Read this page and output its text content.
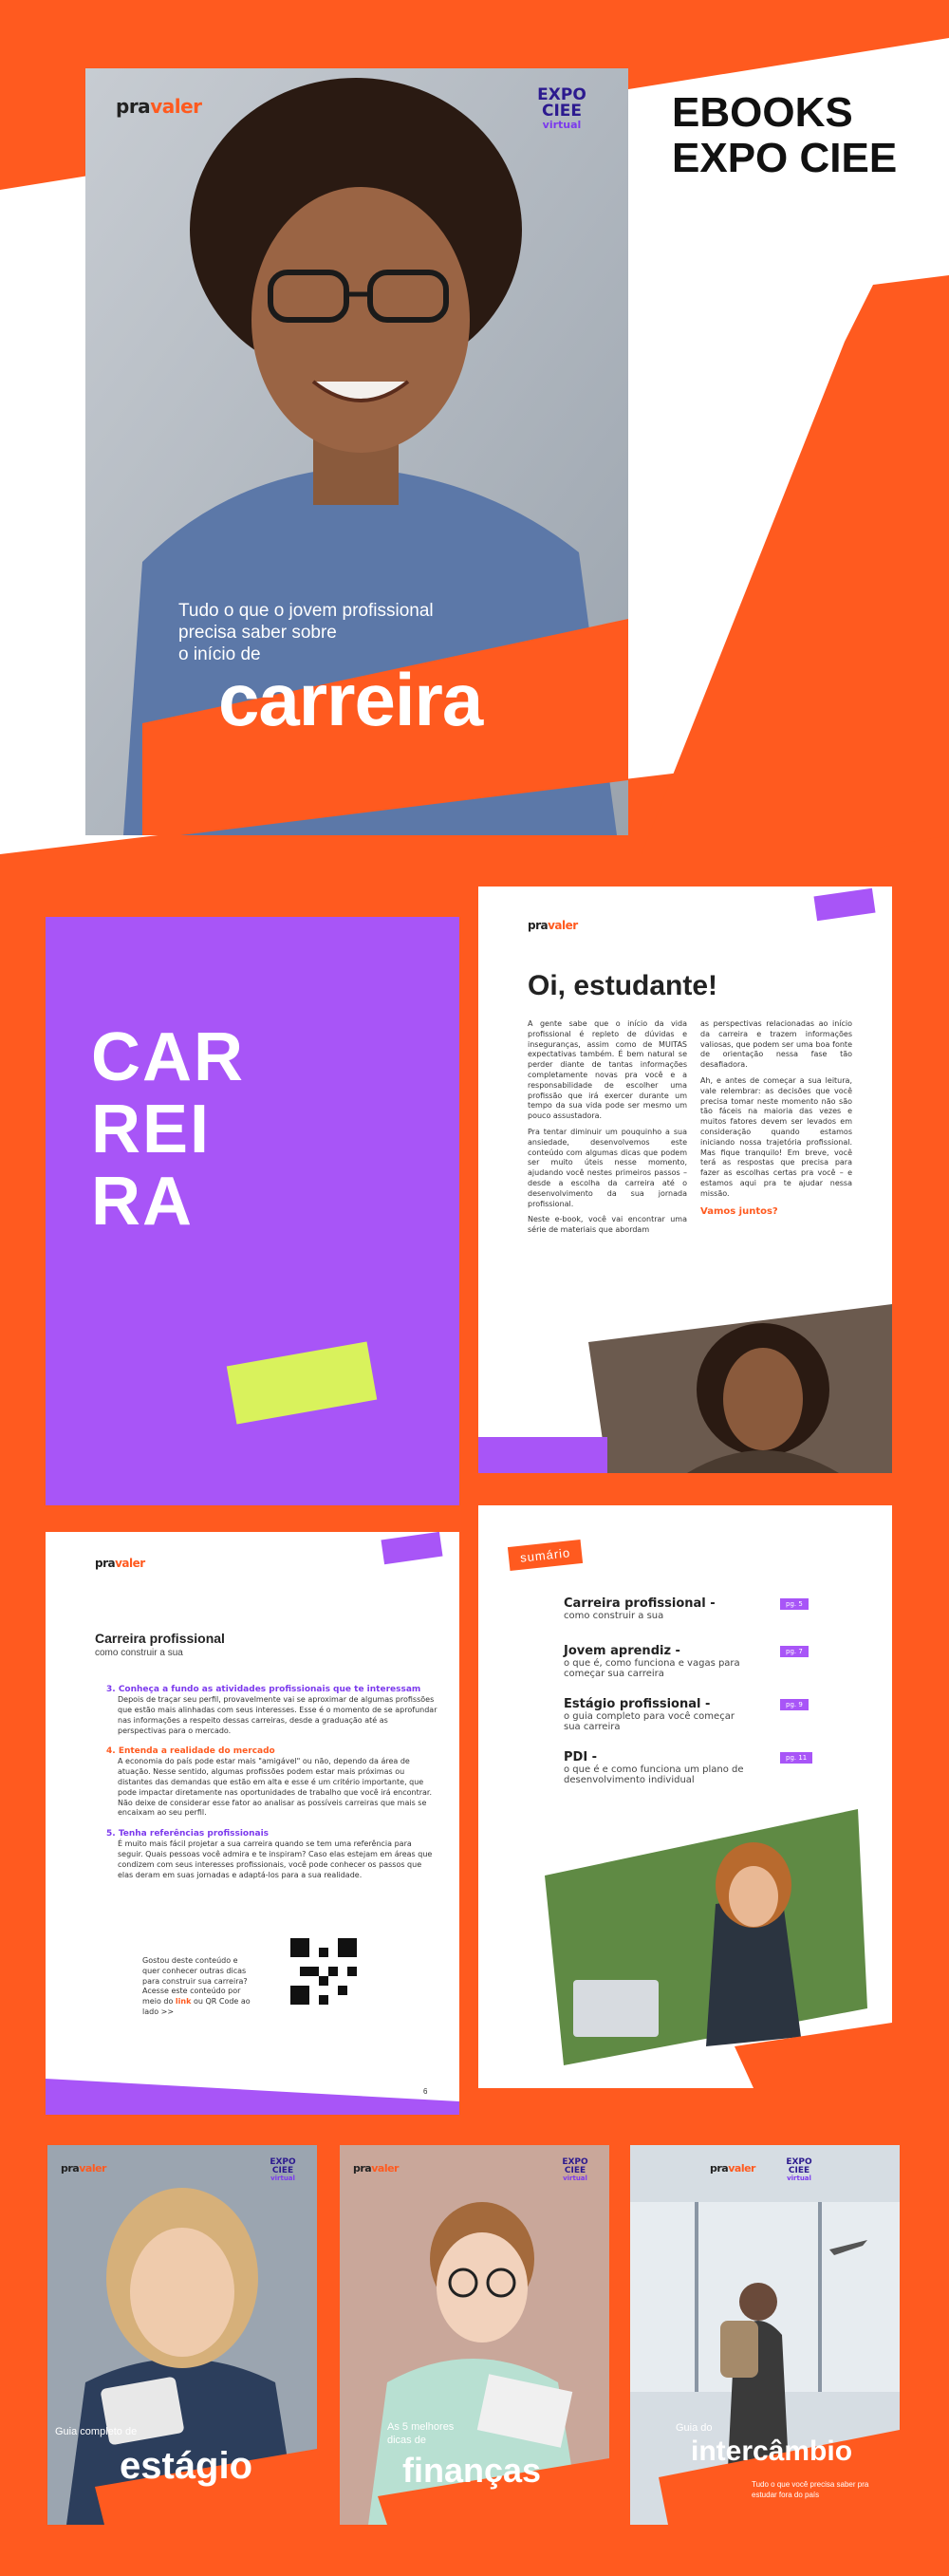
EBOOKS
EXPO CIEE
pravaler	EXPO
CIEE
virtual
Tudo o que o jovem profissional
precisa saber sobre
o início de
carreira
CAR
REI
RA
pravaler
Oi, estudante!

A gente sabe que o início da vida profissional é repleto de dúvidas e inseguranças, assim como de MUITAS expectativas também. É bem natural se perder diante de tantas informações completamente novas pra você e a responsabilidade de escolher uma profissão que irá exercer durante um tempo da sua vida pode ser mesmo um pouco assustadora.

Pra tentar diminuir um pouquinho a sua ansiedade, desenvolvemos este conteúdo com algumas dicas que podem ser muito úteis nesse momento, ajudando você nestes primeiros passos – desde a escolha da carreira até o desenvolvimento da sua jornada profissional.

Neste e-book, você vai encontrar uma série de materiais que abordam

as perspectivas relacionadas ao início da carreira e trazem informações valiosas, que podem ser uma boa fonte de orientação nessa fase tão desafiadora.

Ah, e antes de começar a sua leitura, vale relembrar: as decisões que você precisa tomar neste momento não são tão fáceis na maioria das vezes e muitos fatores devem ser levados em consideração quando estamos iniciando nossa trajetória profissional. Mas fique tranquilo! Em breve, você terá as respostas que precisa para fazer as escolhas certas pra você – e estamos aqui pra te ajudar nessa missão.

Vamos juntos?

pravaler
Carreira profissional
como construir a sua
3. Conheça a fundo as atividades profissionais que te interessam
Depois de traçar seu perfil, provavelmente vai se aproximar de algumas profissões que estão mais alinhadas com seus interesses. Esse é o momento de se aprofundar nas informações a respeito dessas carreiras, desde a graduação até as perspectivas para o mercado.
4. Entenda a realidade do mercado
A economia do país pode estar mais "amigável" ou não, dependo da área de atuação. Nesse sentido, algumas profissões podem estar mais próximas ou distantes das demandas que estão em alta e esse é um critério importante, que pode impactar diretamente nas oportunidades de trabalho que você irá encontrar. Não deixe de considerar esse fator ao analisar as possíveis carreiras que mais se encaixam ao seu perfil.
5. Tenha referências profissionais
É muito mais fácil projetar a sua carreira quando se tem uma referência para seguir. Quais pessoas você admira e te inspiram? Caso elas estejam em áreas que condizem com seus interesses profissionais, você pode conhecer os passos que elas deram em suas jornadas e adaptá-los para a sua realidade.
Gostou deste conteúdo e quer conhecer outras dicas para construir sua carreira? Acesse este conteúdo por meio do link ou QR Code ao lado >>
6
sumário
Carreira profissional -
como construir a sua
pg. 5
Jovem aprendiz -
o que é, como funciona e vagas para começar sua carreira
pg. 7
Estágio profissional -
o guia completo para você começar sua carreira
pg. 9
PDI -
o que é e como funciona um plano de desenvolvimento individual
pg. 11
pravaler	EXPO
CIEE
virtual
Guia completo de
estágio
pravaler	EXPO
CIEE
virtual
As 5 melhores
dicas de
finanças
pravaler	EXPO
CIEE
virtual
Guia do
intercâmbio
Tudo o que você precisa saber pra estudar fora do país
